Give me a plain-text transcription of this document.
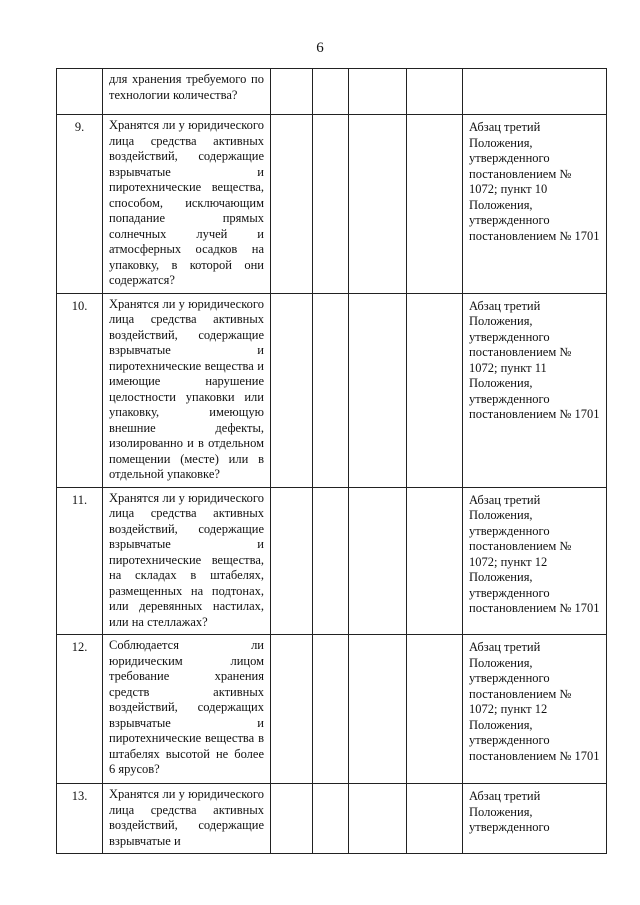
6
	для хранения требуемого по технологии количества?					
9.	Хранятся ли у юридического лица средства активных воздействий, содержащие взрывчатые и пиротехнические вещества, способом, исключающим попадание прямых солнечных лучей и атмосферных осадков на упаковку, в которой они содержатся?					Абзац третий Положения, утвержденного постановлением № 1072; пункт 10 Положения, утвержденного постановлением № 1701
10.	Хранятся ли у юридического лица средства активных воздействий, содержащие взрывчатые и пиротехнические вещества и имеющие нарушение целостности упаковки или упаковку, имеющую внешние дефекты, изолированно и в отдельном помещении (месте) или в отдельной упаковке?					Абзац третий Положения, утвержденного постановлением № 1072; пункт 11 Положения, утвержденного постановлением № 1701
11.	Хранятся ли у юридического лица средства активных воздействий, содержащие взрывчатые и пиротехнические вещества, на складах в штабелях, размещенных на подтонах, или деревянных настилах, или на стеллажах?					Абзац третий Положения, утвержденного постановлением № 1072; пункт 12 Положения, утвержденного постановлением № 1701
12.	Соблюдается ли юридическим лицом требование хранения средств активных воздействий, содержащих взрывчатые и пиротехнические вещества в штабелях высотой не более 6 ярусов?					Абзац третий Положения, утвержденного постановлением № 1072; пункт 12 Положения, утвержденного постановлением № 1701
13.	Хранятся ли у юридического лица средства активных воздействий, содержащие взрывчатые и					Абзац третий Положения, утвержденного
